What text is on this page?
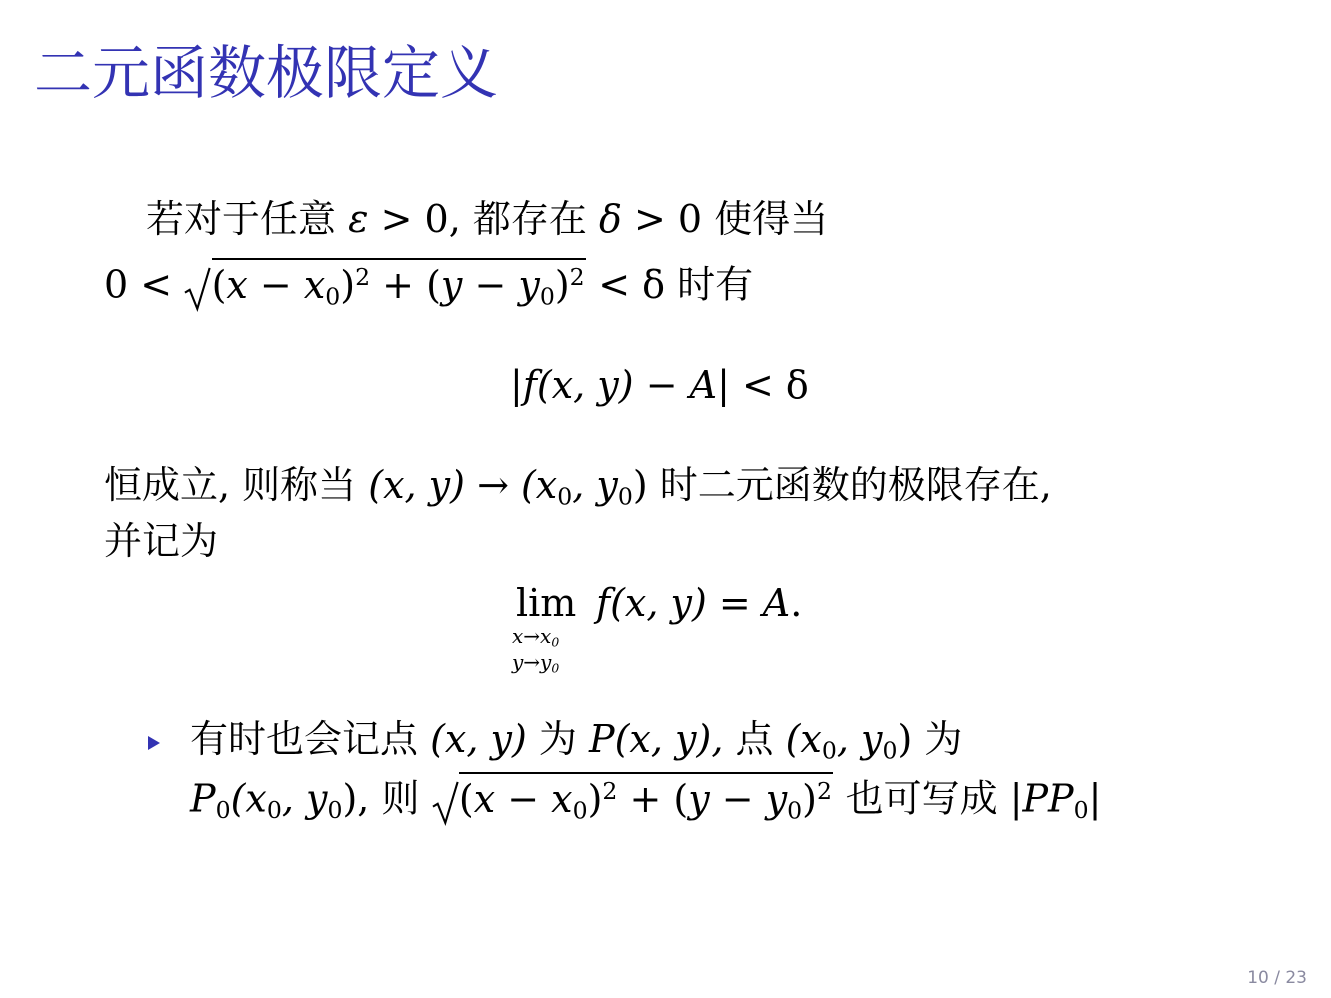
二元函数极限定义
若对于任意 ε > 0, 都存在 δ > 0 使得当
$0 < (x - x_0)^2 + (y - y_0)^2 < \delta$ 时有
|f(x, y) − A| < δ
恒成立, 则称当 (x, $y) \to (x_0$, $y_0$) 时二元函数的极限存在,
并记为
lim
$x\to x_0$
$y\to y_0$
f(x, y) = A.
有时也会记点 (x, y) 为 P(x, y), 点 ($x_0$, $y_0$) 为
$P_0(x_0$, $y_0$), 则 $(x - x_0)^2 + (y - y_0)^2$ 也可写成 $|PP_0|$
10 / 23
